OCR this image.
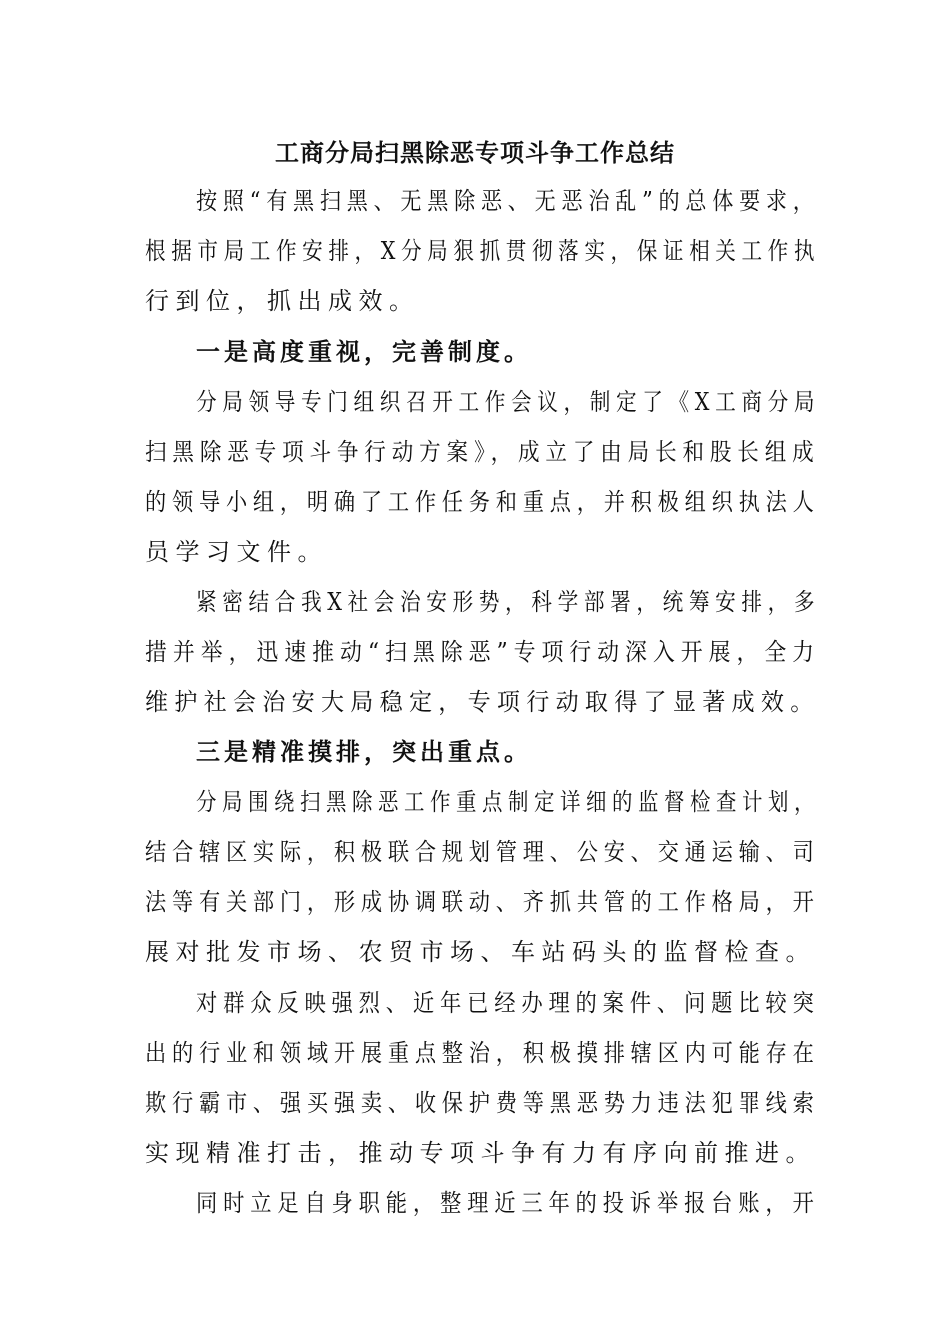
工商分局扫黑除恶专项斗争工作总结
按照“有黑扫黑、无黑除恶、无恶治乱”的总体要求，
根据市局工作安排，X分局狠抓贯彻落实，保证相关工作执
行到位，抓出成效。
一是高度重视，完善制度。
分局领导专门组织召开工作会议，制定了《X工商分局
扫黑除恶专项斗争行动方案》，成立了由局长和股长组成
的领导小组，明确了工作任务和重点，并积极组织执法人
员学习文件。
紧密结合我X社会治安形势，科学部署，统筹安排，多
措并举，迅速推动“扫黑除恶”专项行动深入开展，全力
维护社会治安大局稳定，专项行动取得了显著成效。
三是精准摸排，突出重点。
分局围绕扫黑除恶工作重点制定详细的监督检查计划，
结合辖区实际，积极联合规划管理、公安、交通运输、司
法等有关部门，形成协调联动、齐抓共管的工作格局，开
展对批发市场、农贸市场、车站码头的监督检查。
对群众反映强烈、近年已经办理的案件、问题比较突
出的行业和领域开展重点整治，积极摸排辖区内可能存在
欺行霸市、强买强卖、收保护费等黑恶势力违法犯罪线索
实现精准打击，推动专项斗争有力有序向前推进。
同时立足自身职能，整理近三年的投诉举报台账，开
